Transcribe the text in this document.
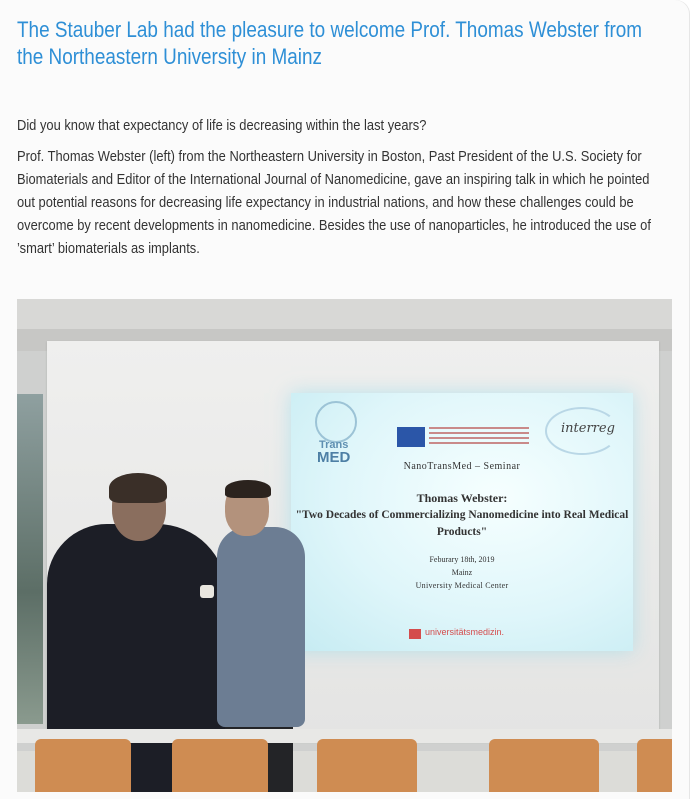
The Stauber Lab had the pleasure to welcome Prof. Thomas Webster from the Northeastern University in Mainz

Did you know that expectancy of life is decreasing within the last years?

Prof. Thomas Webster (left) from the Northeastern University in Boston, Past President of the U.S. Society for Biomaterials and Editor of the International Journal of Nanomedicine, gave an inspiring talk in which he pointed out potential reasons for decreasing life expectancy in industrial nations, and how these challenges could be overcome by recent developments in nanomedicine. Besides the use of nanoparticles, he introduced the use of ’smart’ biomaterials as implants.

Trans
MED
interreg
NanoTransMed – Seminar
Thomas Webster:
"Two Decades of Commercializing Nanomedicine into Real Medical Products"
Feburary 18th, 2019
Mainz
University Medical Center
universitätsmedizin.
